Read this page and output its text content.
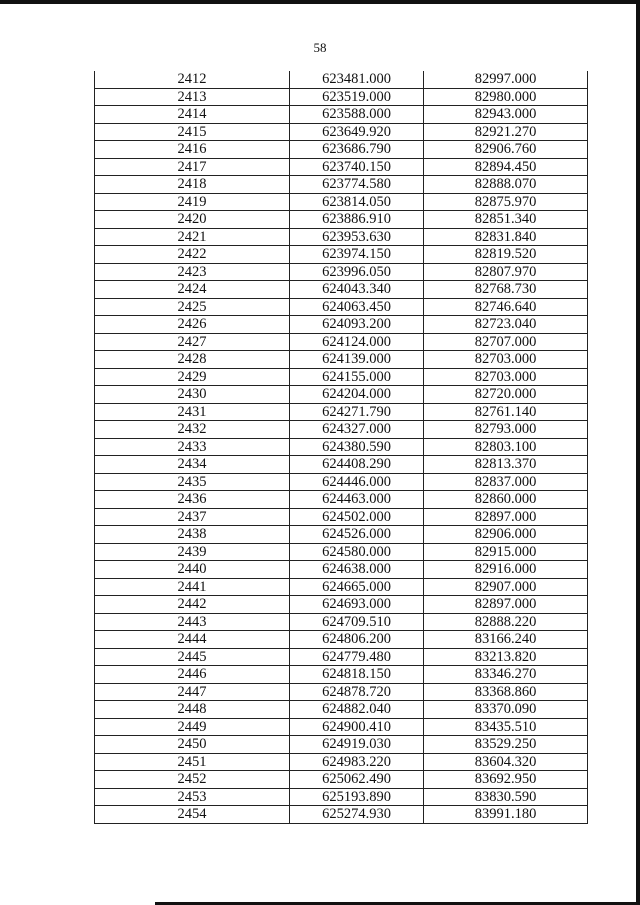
58
2412	623481.000	82997.000
2413	623519.000	82980.000
2414	623588.000	82943.000
2415	623649.920	82921.270
2416	623686.790	82906.760
2417	623740.150	82894.450
2418	623774.580	82888.070
2419	623814.050	82875.970
2420	623886.910	82851.340
2421	623953.630	82831.840
2422	623974.150	82819.520
2423	623996.050	82807.970
2424	624043.340	82768.730
2425	624063.450	82746.640
2426	624093.200	82723.040
2427	624124.000	82707.000
2428	624139.000	82703.000
2429	624155.000	82703.000
2430	624204.000	82720.000
2431	624271.790	82761.140
2432	624327.000	82793.000
2433	624380.590	82803.100
2434	624408.290	82813.370
2435	624446.000	82837.000
2436	624463.000	82860.000
2437	624502.000	82897.000
2438	624526.000	82906.000
2439	624580.000	82915.000
2440	624638.000	82916.000
2441	624665.000	82907.000
2442	624693.000	82897.000
2443	624709.510	82888.220
2444	624806.200	83166.240
2445	624779.480	83213.820
2446	624818.150	83346.270
2447	624878.720	83368.860
2448	624882.040	83370.090
2449	624900.410	83435.510
2450	624919.030	83529.250
2451	624983.220	83604.320
2452	625062.490	83692.950
2453	625193.890	83830.590
2454	625274.930	83991.180
